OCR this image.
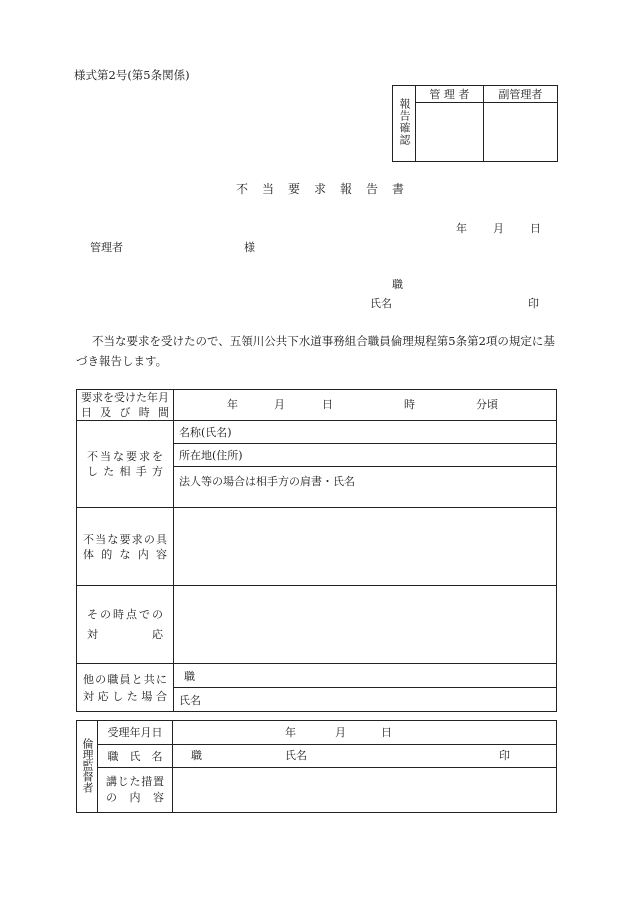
様式第2号(第5条関係)
報告確認	管 理 者	副管理者

不当要求報告書
年 月 日
管理者	様
職
氏名	印
不当な要求を受けたので、五領川公共下水道事務組合職員倫理規程第5条第2項の規定に基づき報告します。
要求を受けた年月日及び時間	年 月 日 時 分頃

不当な要求をした相手方	名称(氏名)
	所在地(住所)
	法人等の場合は相手方の肩書・氏名

不当な要求の具体的な内容	

その時点での対応	

他の職員と共に対応した場合	職
	氏名
倫理監督者	受理年月日	年 月 日

	職　氏　名	職 氏名 印

	講じた措置の内容	
